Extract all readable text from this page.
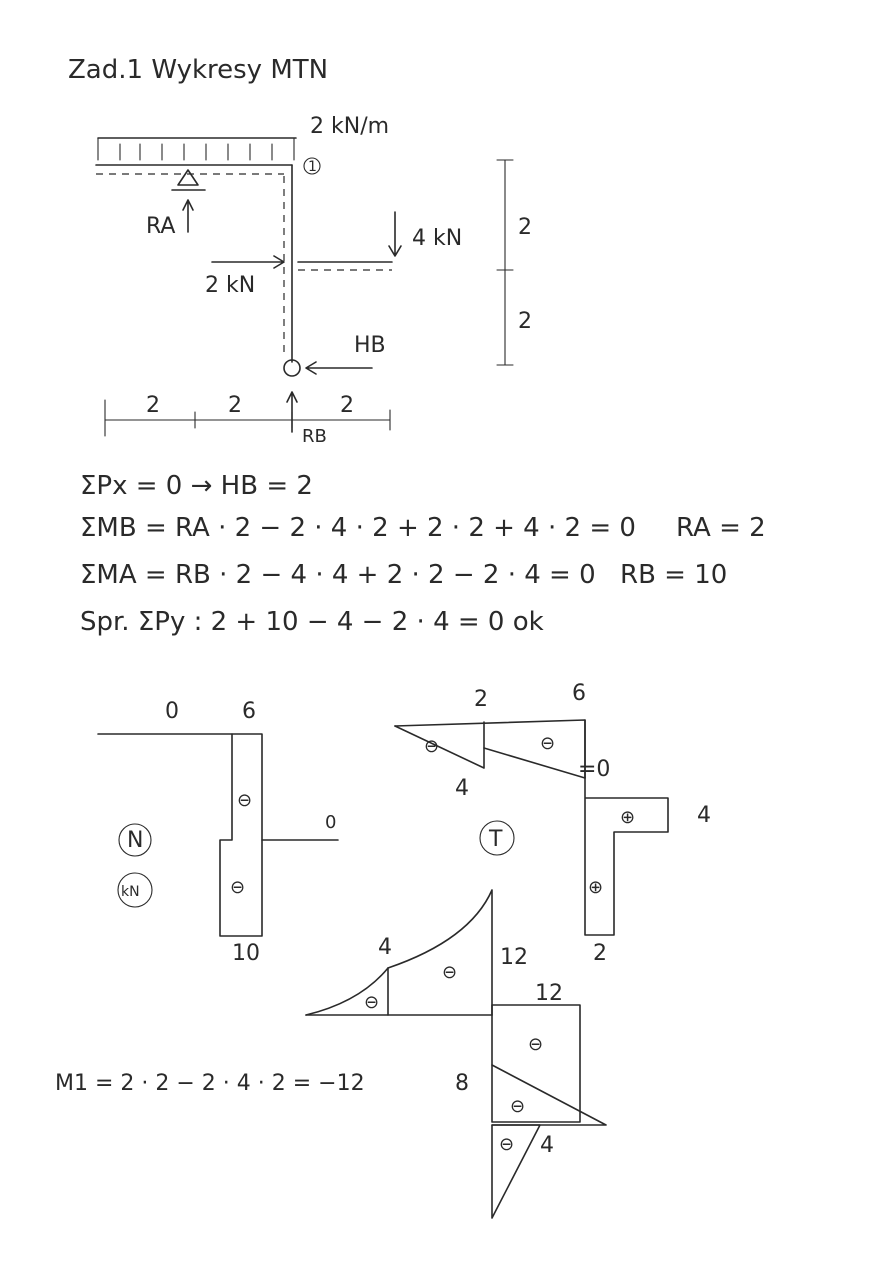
Zad.1 Wykresy MTN
2 kN/m
1
RA	4 kN
2 kN
HB
RB
2	2	2
2
2
ΣPx = 0 → HB = 2
ΣMB = RA · 2 − 2 · 4 · 2 + 2 · 2 + 4 · 2 = 0 RA = 2
ΣMA = RB · 2 − 4 · 4 + 2 · 2 − 2 · 4 = 0 RB = 10
Spr. ΣPy : 2 + 10 − 4 − 2 · 4 = 0 ok
0	6
0
10
⊖
⊖
N
kN
2	6
4
=0
4
2
⊖	⊖
⊕
⊕
T
4	12
12
8
4
⊖
⊖
⊖
⊖
⊖
M1 = 2 · 2 − 2 · 4 · 2 = −12
